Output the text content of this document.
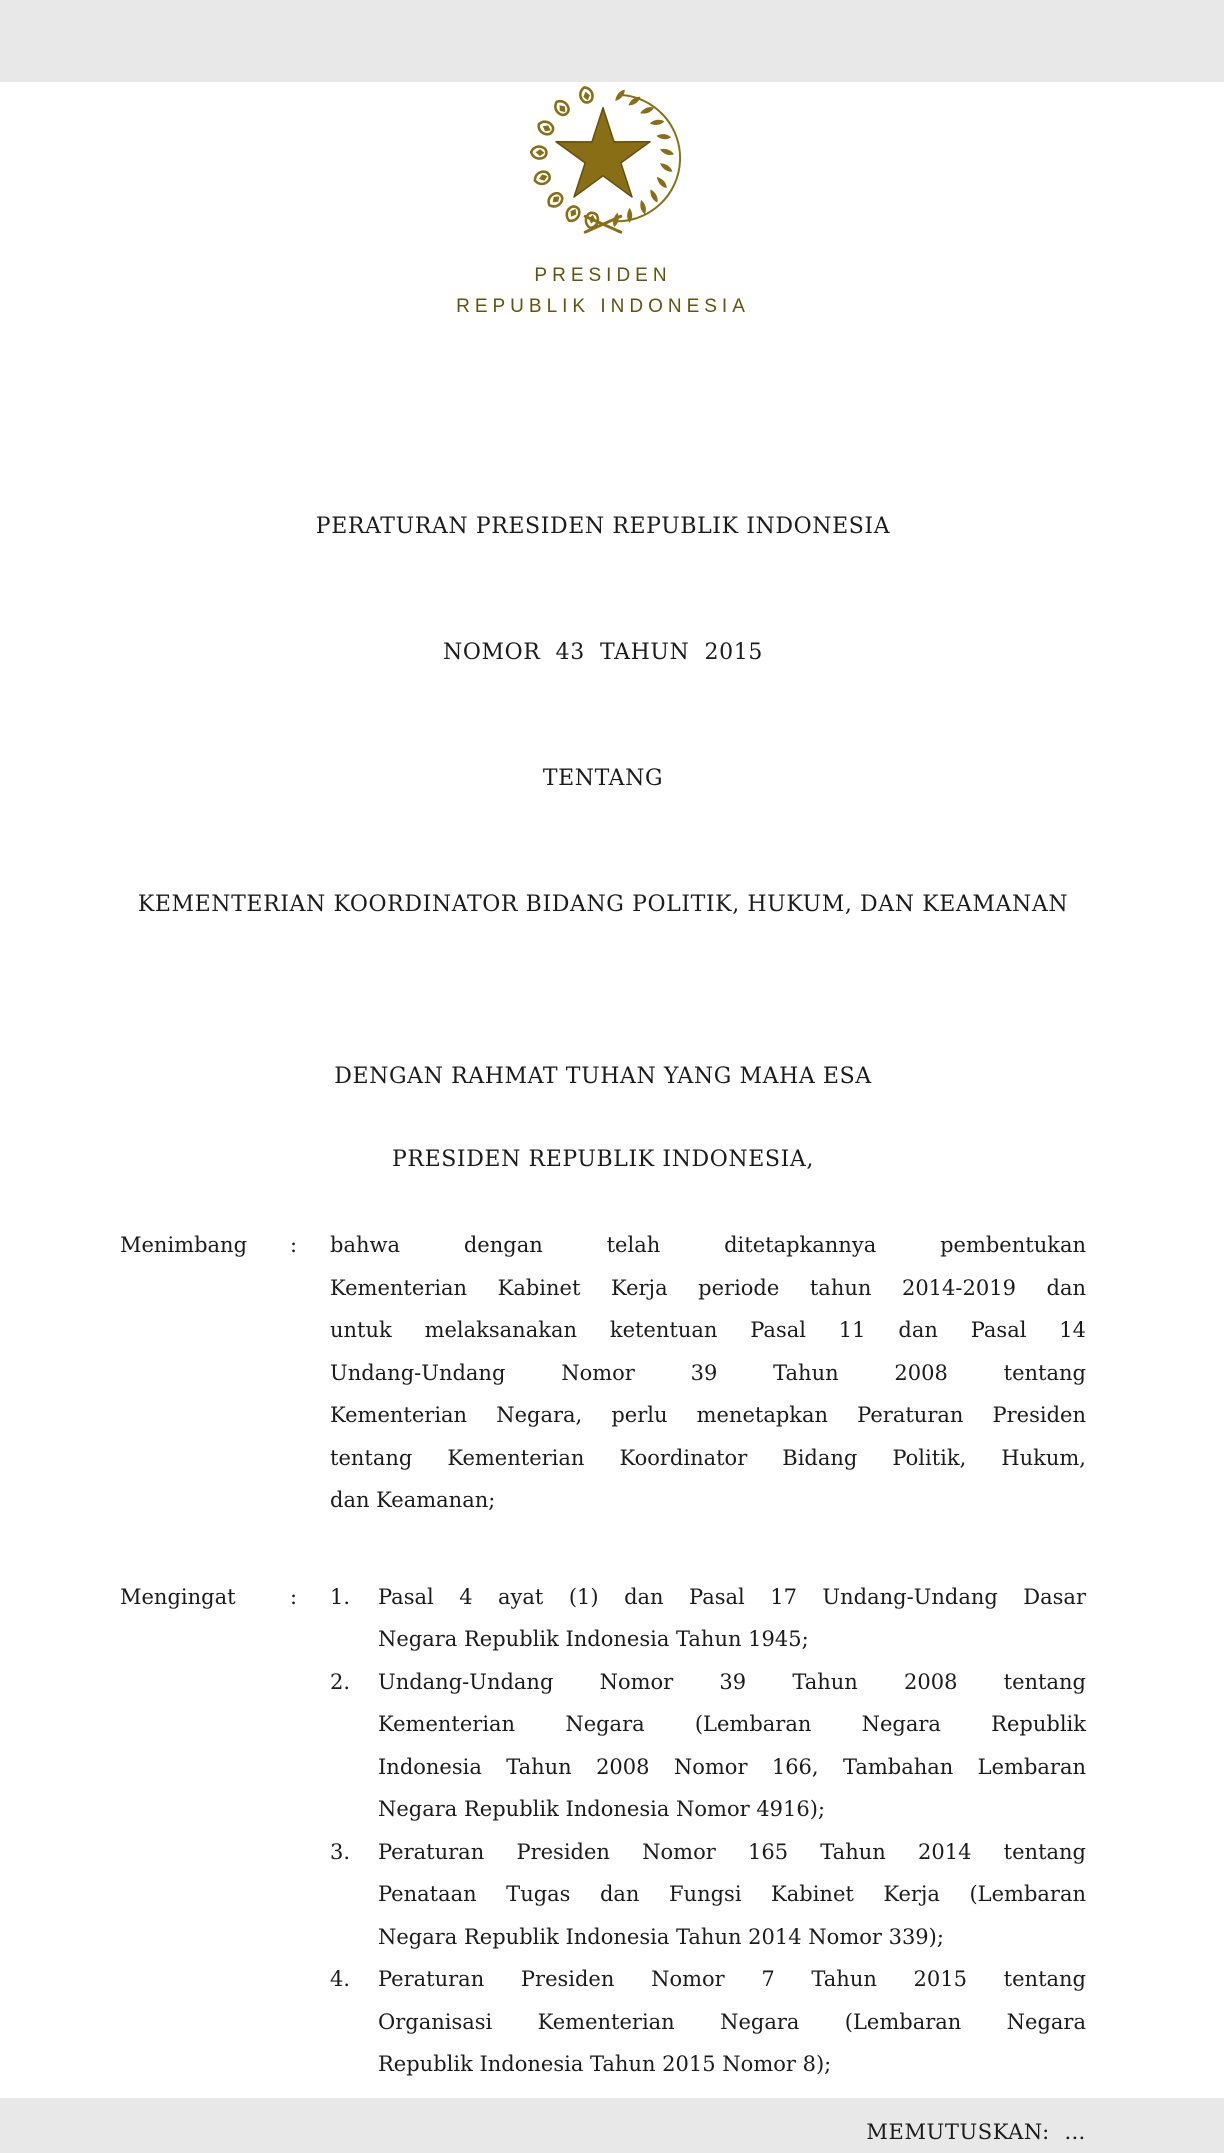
PRESIDEN
REPUBLIK INDONESIA

PERATURAN PRESIDEN REPUBLIK INDONESIA

NOMOR  43  TAHUN  2015

TENTANG

KEMENTERIAN KOORDINATOR BIDANG POLITIK, HUKUM, DAN KEAMANAN

DENGAN RAHMAT TUHAN YANG MAHA ESA
PRESIDEN REPUBLIK INDONESIA,
Menimbang	:	bahwa dengan telah ditetapkannya pembentukan
Kementerian Kabinet Kerja periode tahun 2014-2019 dan
untuk melaksanakan ketentuan Pasal 11 dan Pasal 14
Undang-Undang Nomor 39 Tahun 2008 tentang
Kementerian Negara, perlu menetapkan Peraturan Presiden
tentang Kementerian Koordinator Bidang Politik, Hukum,
dan Keamanan;
Mengingat	:	1.	Pasal 4 ayat (1) dan Pasal 17 Undang-Undang Dasar
Negara Republik Indonesia Tahun 1945;
2.	Undang-Undang Nomor 39 Tahun 2008 tentang
Kementerian Negara (Lembaran Negara Republik
Indonesia Tahun 2008 Nomor 166, Tambahan Lembaran
Negara Republik Indonesia Nomor 4916);
3.	Peraturan Presiden Nomor 165 Tahun 2014 tentang
Penataan Tugas dan Fungsi Kabinet Kerja (Lembaran
Negara Republik Indonesia Tahun 2014 Nomor 339);
4.	Peraturan Presiden Nomor 7 Tahun 2015 tentang
Organisasi Kementerian Negara (Lembaran Negara
Republik Indonesia Tahun 2015 Nomor 8);
MEMUTUSKAN:  …
